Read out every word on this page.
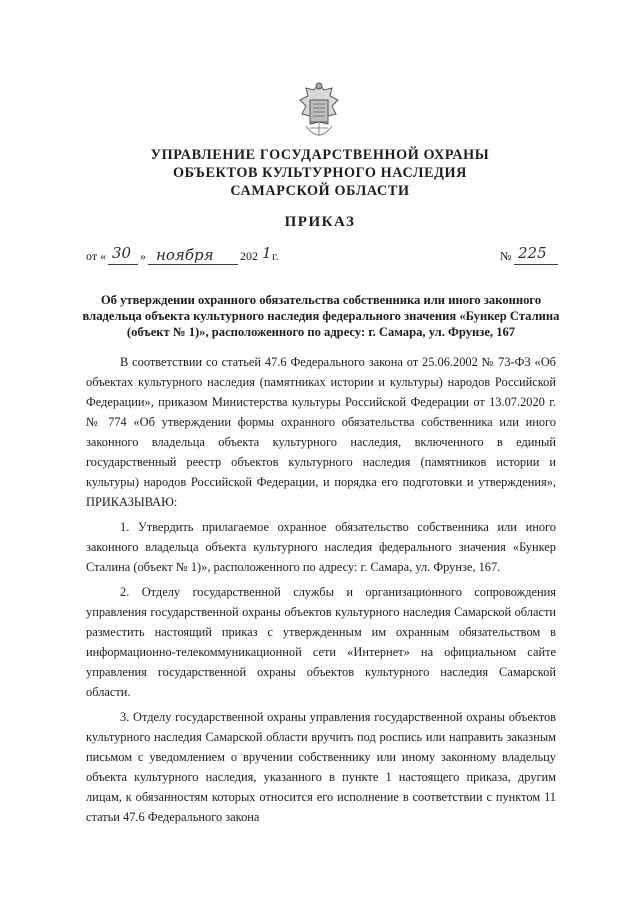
УПРАВЛЕНИЕ ГОСУДАРСТВЕННОЙ ОХРАНЫ
ОБЪЕКТОВ КУЛЬТУРНОГО НАСЛЕДИЯ
САМАРСКОЙ ОБЛАСТИ
ПРИКАЗ
от « 30 » ноября 202 1 г.	№ 225
Об утверждении охранного обязательства собственника или иного законного владельца объекта культурного наследия федерального значения «Бункер Сталина (объект № 1)», расположенного по адресу: г. Самара, ул. Фрунзе, 167

В соответствии со статьей 47.6 Федерального закона от 25.06.2002 № 73-ФЗ «Об объектах культурного наследия (памятниках истории и культуры) народов Российской Федерации», приказом Министерства культуры Российской Федерации от 13.07.2020 г. № 774 «Об утверждении формы охранного обязательства собственника или иного законного владельца объекта культурного наследия, включенного в единый государственный реестр объектов культурного наследия (памятников истории и культуры) народов Российской Федерации, и порядка его подготовки и утверждения», ПРИКАЗЫВАЮ:

1. Утвердить прилагаемое охранное обязательство собственника или иного законного владельца объекта культурного наследия федерального значения «Бункер Сталина (объект № 1)», расположенного по адресу: г. Самара, ул. Фрунзе, 167.

2. Отделу государственной службы и организационного сопровождения управления государственной охраны объектов культурного наследия Самарской области разместить настоящий приказ с утвержденным им охранным обязательством в информационно-телекоммуникационной сети «Интернет» на официальном сайте управления государственной охраны объектов культурного наследия Самарской области.

3. Отделу государственной охраны управления государственной охраны объектов культурного наследия Самарской области вручить под роспись или направить заказным письмом с уведомлением о вручении собственнику или иному законному владельцу объекта культурного наследия, указанного в пункте 1 настоящего приказа, другим лицам, к обязанностям которых относится его исполнение в соответствии с пунктом 11 статьи 47.6 Федерального закона
